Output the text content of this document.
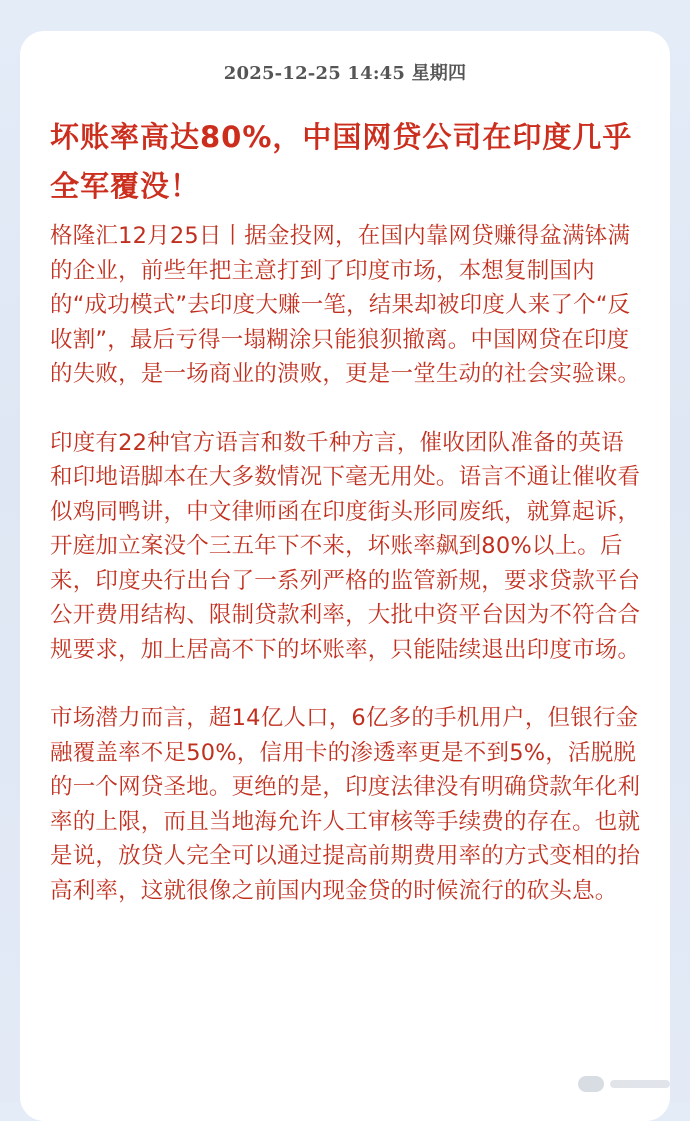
2025-12-25 14:45 星期四
坏账率高达80%，中国网贷公司在印度几乎全军覆没！

格隆汇12月25日丨据金投网，在国内靠网贷赚得盆满钵满的企业，前些年把主意打到了印度市场，本想复制国内的“成功模式”去印度大赚一笔，结果却被印度人来了个“反收割”，最后亏得一塌糊涂只能狼狈撤离。中国网贷在印度的失败，是一场商业的溃败，更是一堂生动的社会实验课。

印度有22种官方语言和数千种方言，催收团队准备的英语和印地语脚本在大多数情况下毫无用处。语言不通让催收看似鸡同鸭讲，中文律师函在印度街头形同废纸，就算起诉，开庭加立案没个三五年下不来，坏账率飙到80%以上。后来，印度央行出台了一系列严格的监管新规，要求贷款平台公开费用结构、限制贷款利率，大批中资平台因为不符合合规要求，加上居高不下的坏账率，只能陆续退出印度市场。

市场潜力而言，超14亿人口，6亿多的手机用户，但银行金融覆盖率不足50%，信用卡的渗透率更是不到5%，活脱脱的一个网贷圣地。更绝的是，印度法律没有明确贷款年化利率的上限，而且当地海允许人工审核等手续费的存在。也就是说，放贷人完全可以通过提高前期费用率的方式变相的抬高利率，这就很像之前国内现金贷的时候流行的砍头息。
